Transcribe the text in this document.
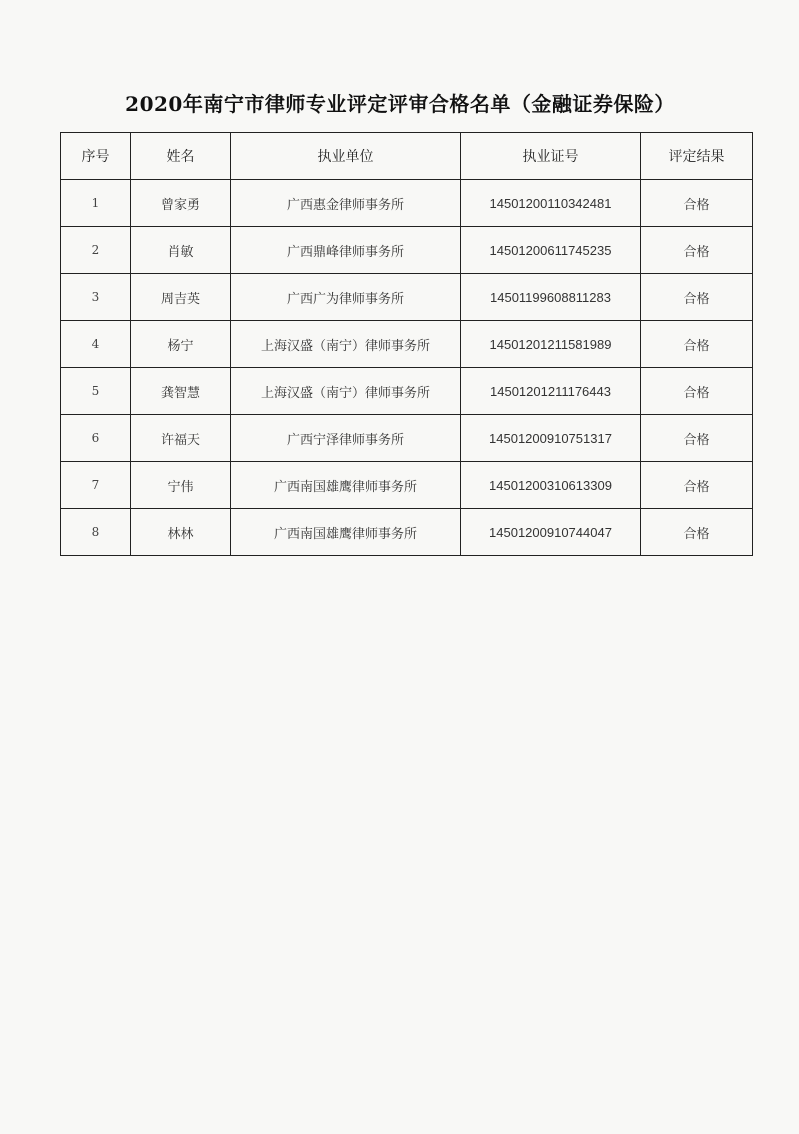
2020年南宁市律师专业评定评审合格名单（金融证券保险）
序号	姓名	执业单位	执业证号	评定结果
1	曾家勇	广西惠金律师事务所	14501200110342481	合格
2	肖敏	广西鼎峰律师事务所	14501200611745235	合格
3	周吉英	广西广为律师事务所	14501199608811283	合格
4	杨宁	上海汉盛（南宁）律师事务所	14501201211581989	合格
5	龚智慧	上海汉盛（南宁）律师事务所	14501201211176443	合格
6	许福天	广西宁泽律师事务所	14501200910751317	合格
7	宁伟	广西南国雄鹰律师事务所	14501200310613309	合格
8	林林	广西南国雄鹰律师事务所	14501200910744047	合格
